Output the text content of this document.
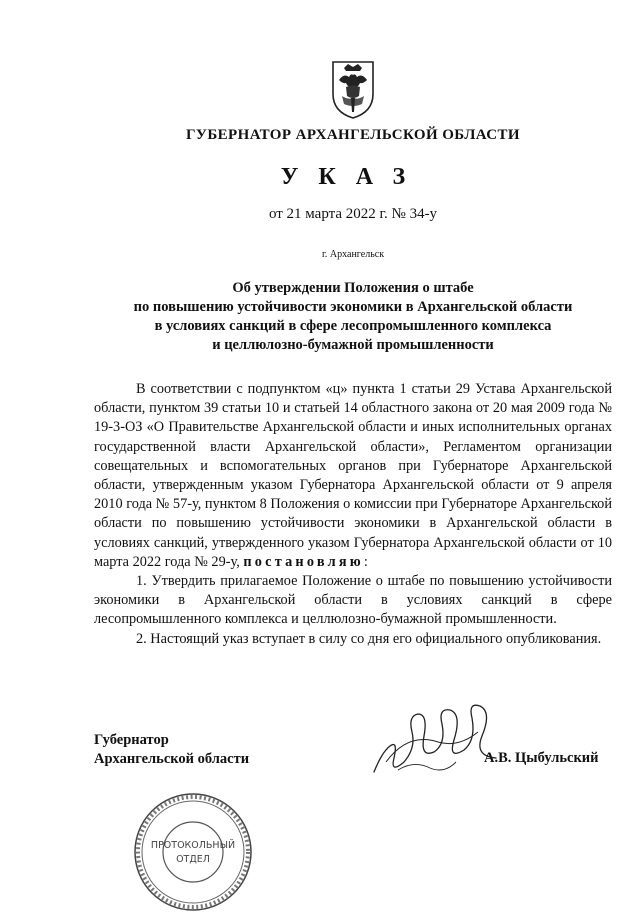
ГУБЕРНАТОР АРХАНГЕЛЬСКОЙ ОБЛАСТИ
УКАЗ
от 21 марта 2022 г. № 34-у
г. Архангельск
Об утверждении Положения о штабе
по повышению устойчивости экономики в Архангельской области
в условиях санкций в сфере лесопромышленного комплекса
и целлюлозно-бумажной промышленности

В соответствии с подпунктом «ц» пункта 1 статьи 29 Устава Архангельской области, пунктом 39 статьи 10 и статьей 14 областного закона от 20 мая 2009 года № 19-3-ОЗ «О Правительстве Архангельской области и иных исполнительных органах государственной власти Архангельской области», Регламентом организации совещательных и вспомогательных органов при Губернаторе Архангельской области, утвержденным указом Губернатора Архангельской области от 9 апреля 2010 года № 57-у, пунктом 8 Положения о комиссии при Губернаторе Архангельской области по повышению устойчивости экономики в Архангельской области в условиях санкций, утвержденного указом Губернатора Архангельской области от 10 марта 2022 года № 29-у, постановляю:

1. Утвердить прилагаемое Положение о штабе по повышению устойчивости экономики в Архангельской области в условиях санкций в сфере лесопромышленного комплекса и целлюлозно-бумажной промышленности.

2. Настоящий указ вступает в силу со дня его официального опубликования.

Губернатор
Архангельской области	А.В. Цыбульский
ПРОТОКОЛЬНЫЙ
ОТДЕЛ
